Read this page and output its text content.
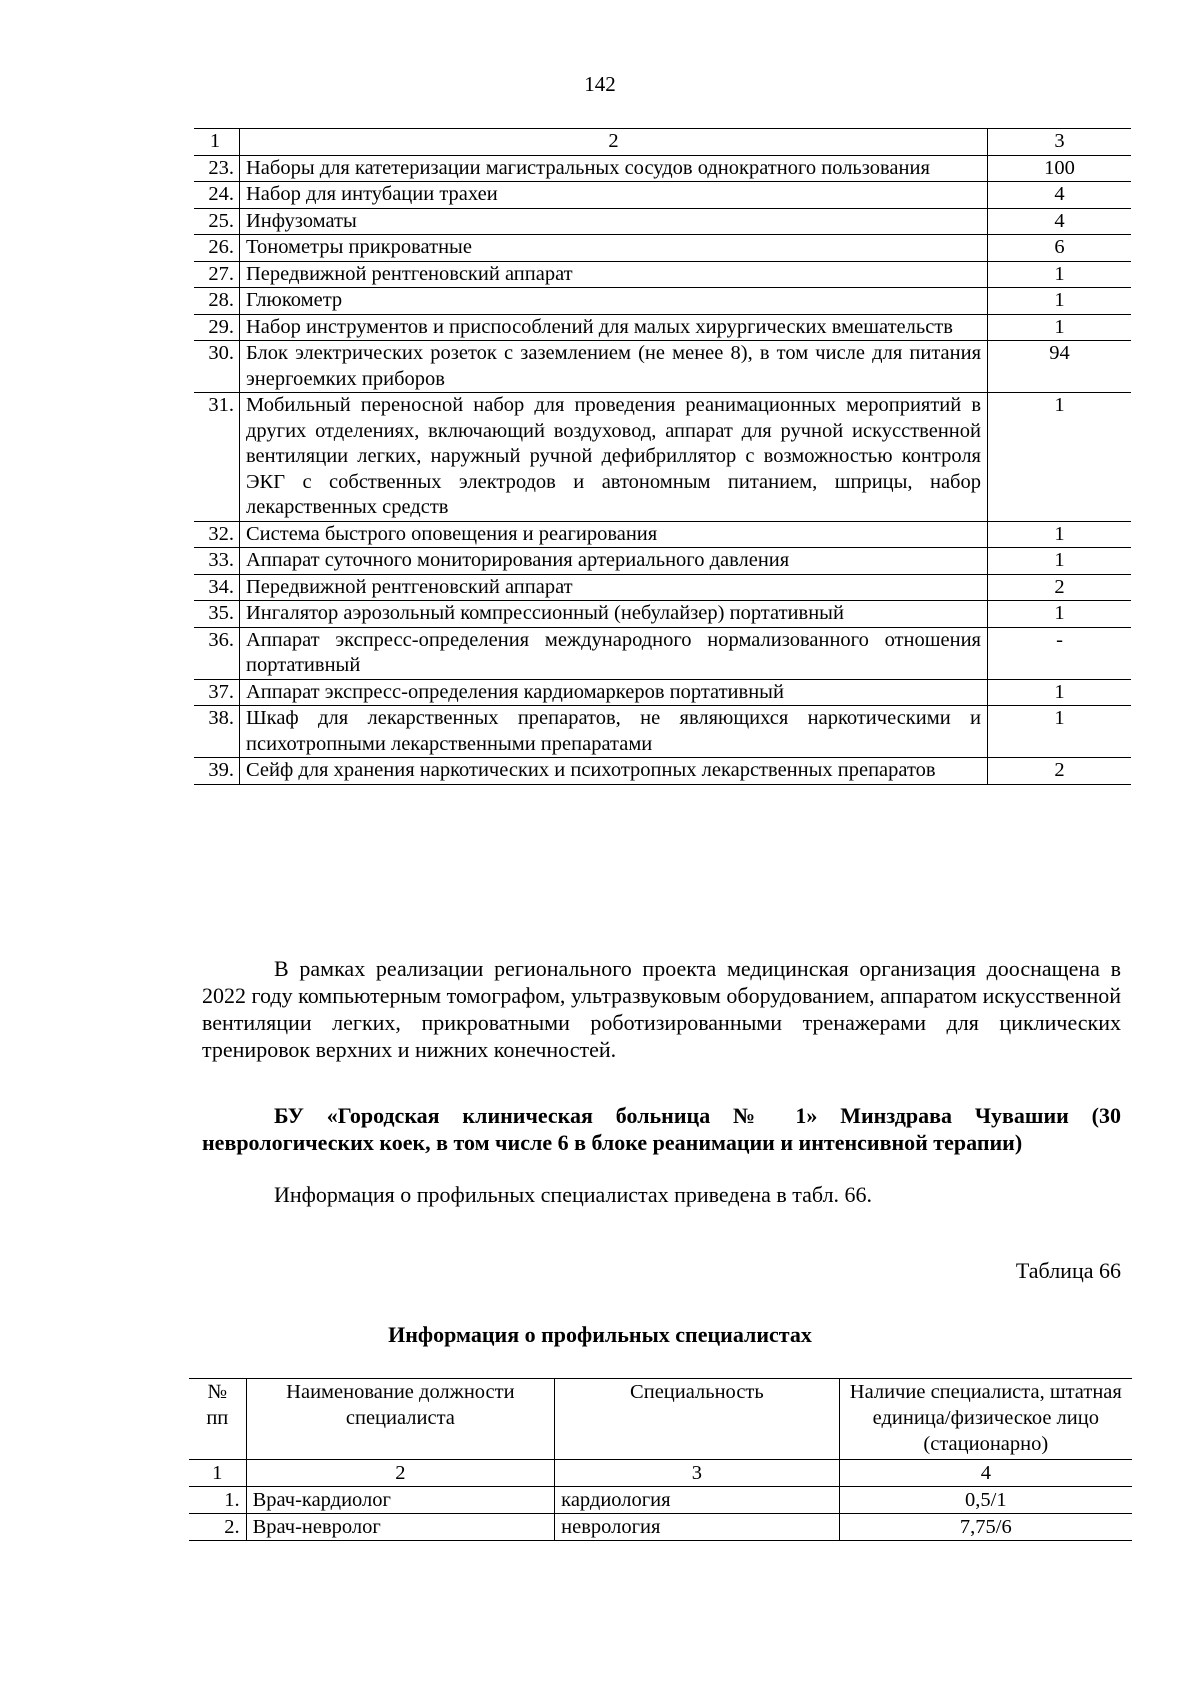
142
1	2	3
23.	Наборы для катетеризации магистральных сосудов однократного пользования	100
24.	Набор для интубации трахеи	4
25.	Инфузоматы	4
26.	Тонометры прикроватные	6
27.	Передвижной рентгеновский аппарат	1
28.	Глюкометр	1
29.	Набор инструментов и приспособлений для малых хирургических вмешательств	1
30.	Блок электрических розеток с заземлением (не менее 8), в том числе для питания энергоемких приборов	94
31.	Мобильный переносной набор для проведения реанимационных мероприятий в других отделениях, включающий воздуховод, аппарат для ручной искусственной вентиляции легких, наружный ручной дефибриллятор с возможностью контроля ЭКГ с собственных электродов и автономным питанием, шприцы, набор лекарственных средств	1
32.	Система быстрого оповещения и реагирования	1
33.	Аппарат суточного мониторирования артериального давления	1
34.	Передвижной рентгеновский аппарат	2
35.	Ингалятор аэрозольный компрессионный (небулайзер) портативный	1
36.	Аппарат экспресс-определения международного нормализованного отношения портативный	-
37.	Аппарат экспресс-определения кардиомаркеров портативный	1
38.	Шкаф для лекарственных препаратов, не являющихся наркотическими и психотропными лекарственными препаратами	1
39.	Сейф для хранения наркотических и психотропных лекарственных препаратов	2
В рамках реализации регионального проекта медицинская организация дооснащена в 2022 году компьютерным томографом, ультразвуковым оборудованием, аппаратом искусственной вентиляции легких, прикроватными роботизированными тренажерами для циклических тренировок верхних и нижних конечностей.
БУ «Городская клиническая больница № 1» Минздрава Чувашии (30 неврологических коек, в том числе 6 в блоке реанимации и интенсивной терапии)
Информация о профильных специалистах приведена в табл. 66.
Таблица 66
Информация о профильных специалистах
№ пп	Наименование должности специалиста	Специальность	Наличие специалиста, штатная единица/физическое лицо (стационарно)
1	2	3	4
1.	Врач-кардиолог	кардиология	0,5/1
2.	Врач-невролог	неврология	7,75/6
